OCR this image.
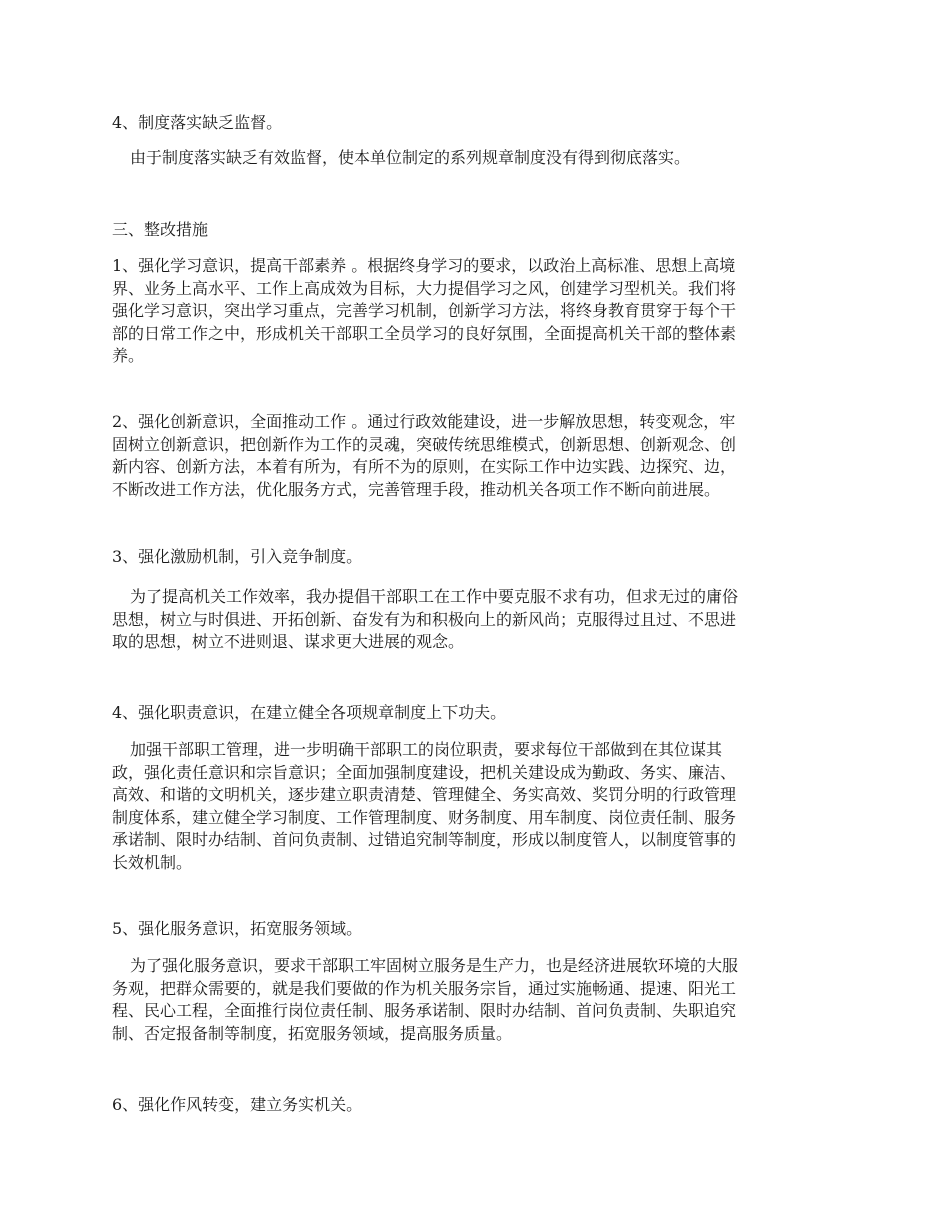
4、制度落实缺乏监督。

由于制度落实缺乏有效监督，使本单位制定的系列规章制度没有得到彻底落实。

三、整改措施

1、强化学习意识，提高干部素养 。根据终身学习的要求，以政治上高标准、思想上高境
界、业务上高水平、工作上高成效为目标，大力提倡学习之风，创建学习型机关。我们将
强化学习意识，突出学习重点，完善学习机制，创新学习方法，将终身教育贯穿于每个干
部的日常工作之中，形成机关干部职工全员学习的良好氛围，全面提高机关干部的整体素
养。

2、强化创新意识，全面推动工作 。通过行政效能建设，进一步解放思想，转变观念，牢
固树立创新意识，把创新作为工作的灵魂，突破传统思维模式，创新思想、创新观念、创
新内容、创新方法，本着有所为，有所不为的原则，在实际工作中边实践、边探究、边，
不断改进工作方法，优化服务方式，完善管理手段，推动机关各项工作不断向前进展。

3、强化激励机制，引入竞争制度。

为了提高机关工作效率，我办提倡干部职工在工作中要克服不求有功，但求无过的庸俗
思想，树立与时俱进、开拓创新、奋发有为和积极向上的新风尚；克服得过且过、不思进
取的思想，树立不进则退、谋求更大进展的观念。

4、强化职责意识，在建立健全各项规章制度上下功夫。

加强干部职工管理，进一步明确干部职工的岗位职责，要求每位干部做到在其位谋其
政，强化责任意识和宗旨意识；全面加强制度建设，把机关建设成为勤政、务实、廉洁、
高效、和谐的文明机关，逐步建立职责清楚、管理健全、务实高效、奖罚分明的行政管理
制度体系，建立健全学习制度、工作管理制度、财务制度、用车制度、岗位责任制、服务
承诺制、限时办结制、首问负责制、过错追究制等制度，形成以制度管人，以制度管事的
长效机制。

5、强化服务意识，拓宽服务领域。

为了强化服务意识，要求干部职工牢固树立服务是生产力，也是经济进展软环境的大服
务观，把群众需要的，就是我们要做的作为机关服务宗旨，通过实施畅通、提速、阳光工
程、民心工程，全面推行岗位责任制、服务承诺制、限时办结制、首问负责制、失职追究
制、否定报备制等制度，拓宽服务领域，提高服务质量。

6、强化作风转变，建立务实机关。
